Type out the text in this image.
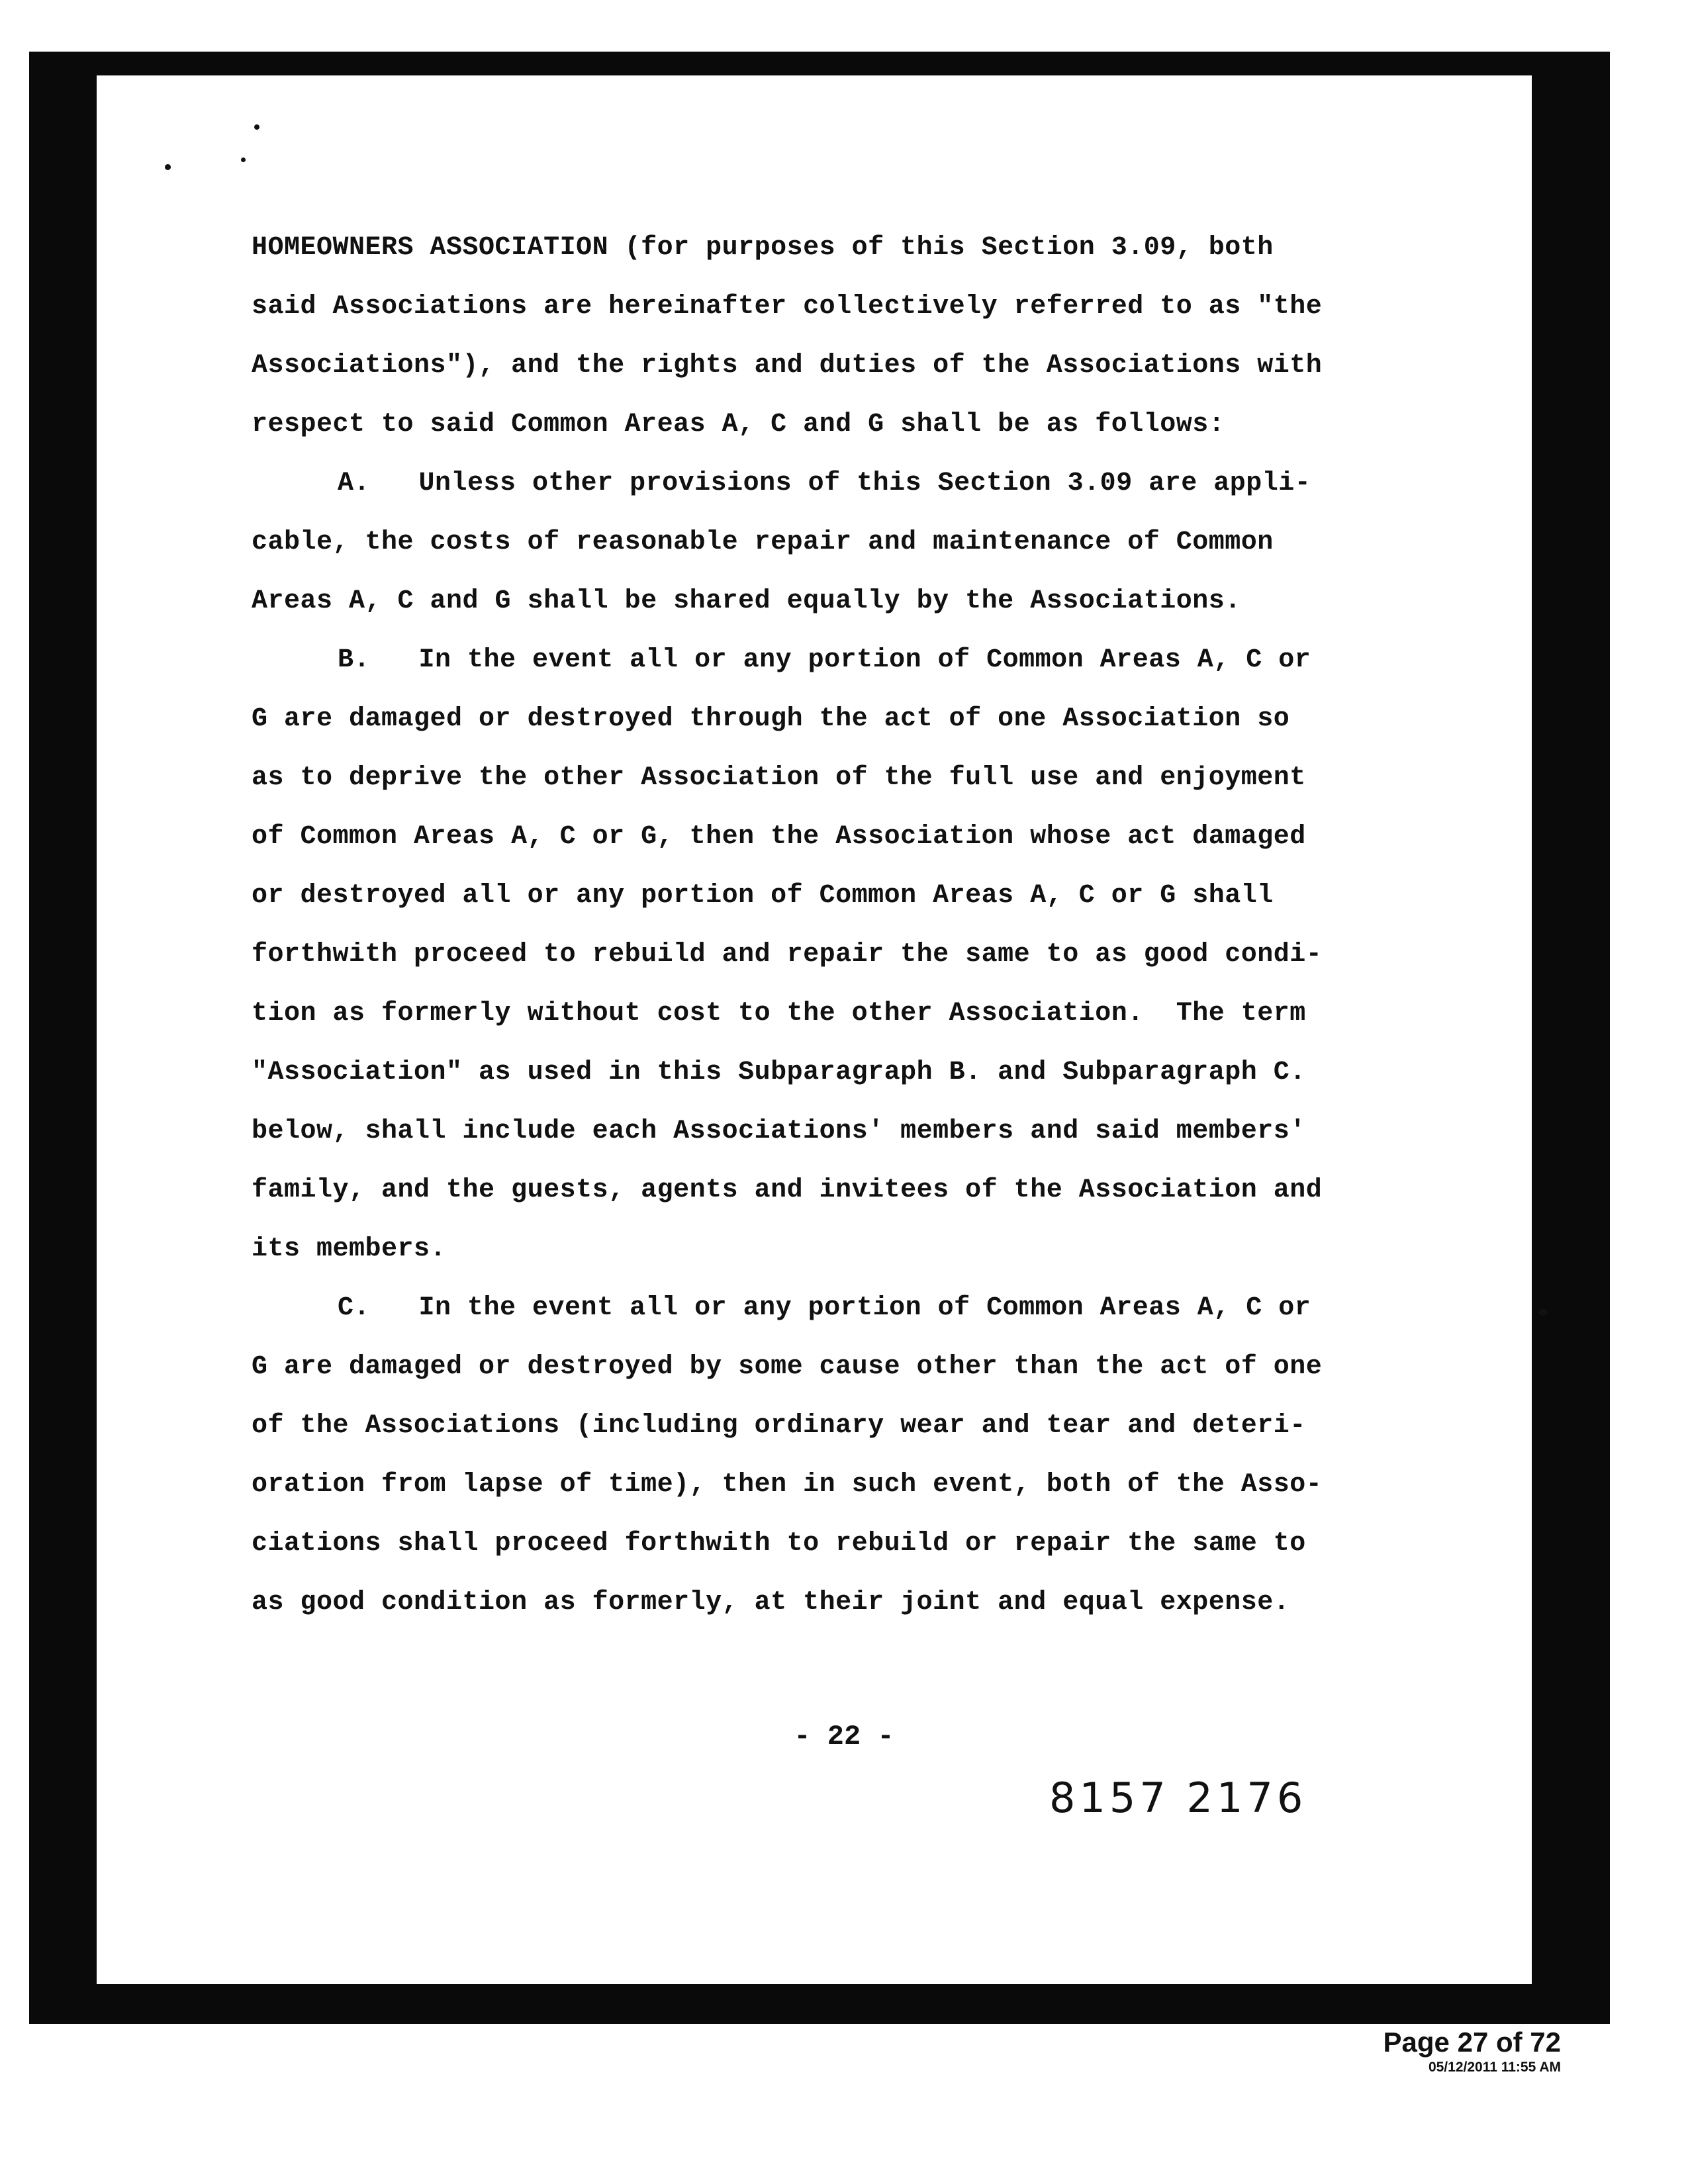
HOMEOWNERS ASSOCIATION (for purposes of this Section 3.09, both
said Associations are hereinafter collectively referred to as "the
Associations"), and the rights and duties of the Associations with
respect to said Common Areas A, C and G shall be as follows:
A.   Unless other provisions of this Section 3.09 are appli-
cable, the costs of reasonable repair and maintenance of Common
Areas A, C and G shall be shared equally by the Associations.
B.   In the event all or any portion of Common Areas A, C or
G are damaged or destroyed through the act of one Association so
as to deprive the other Association of the full use and enjoyment
of Common Areas A, C or G, then the Association whose act damaged
or destroyed all or any portion of Common Areas A, C or G shall
forthwith proceed to rebuild and repair the same to as good condi-
tion as formerly without cost to the other Association.  The term
"Association" as used in this Subparagraph B. and Subparagraph C.
below, shall include each Associations' members and said members'
family, and the guests, agents and invitees of the Association and
its members.
C.   In the event all or any portion of Common Areas A, C or
G are damaged or destroyed by some cause other than the act of one
of the Associations (including ordinary wear and tear and deteri-
oration from lapse of time), then in such event, both of the Asso-
ciations shall proceed forthwith to rebuild or repair the same to
as good condition as formerly, at their joint and equal expense.
- 22 -
8157 2176
Page 27 of 72
05/12/2011 11:55 AM
